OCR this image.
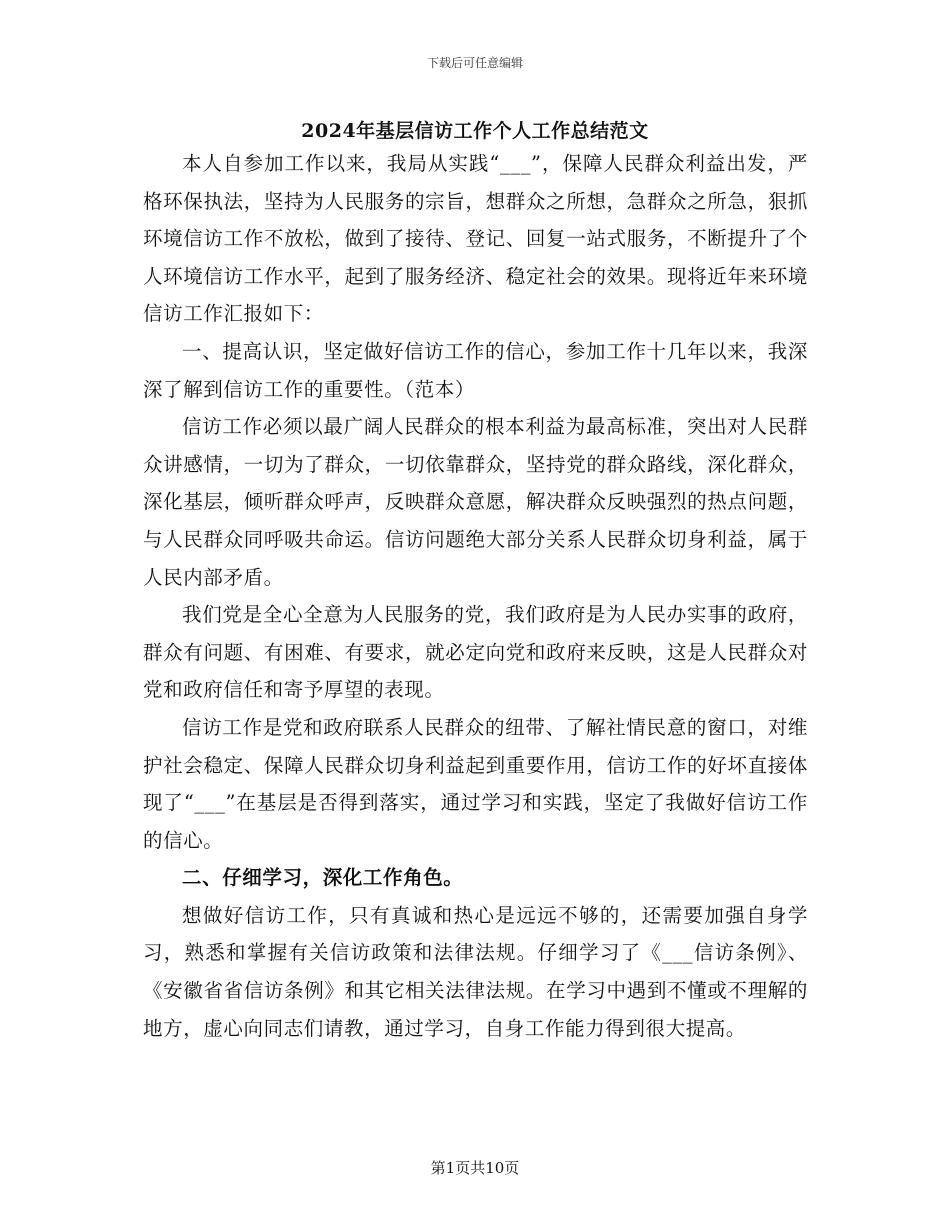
下载后可任意编辑
2024年基层信访工作个人工作总结范文

本人自参加工作以来，我局从实践“___”，保障人民群众利益出发，严格环保执法，坚持为人民服务的宗旨，想群众之所想，急群众之所急，狠抓环境信访工作不放松，做到了接待、登记、回复一站式服务，不断提升了个人环境信访工作水平，起到了服务经济、稳定社会的效果。现将近年来环境信访工作汇报如下：

一、提高认识，坚定做好信访工作的信心，参加工作十几年以来，我深深了解到信访工作的重要性。（范本）

信访工作必须以最广阔人民群众的根本利益为最高标准，突出对人民群众讲感情，一切为了群众，一切依靠群众，坚持党的群众路线，深化群众，深化基层，倾听群众呼声，反映群众意愿，解决群众反映强烈的热点问题，与人民群众同呼吸共命运。信访问题绝大部分关系人民群众切身利益，属于人民内部矛盾。

我们党是全心全意为人民服务的党，我们政府是为人民办实事的政府，群众有问题、有困难、有要求，就必定向党和政府来反映，这是人民群众对党和政府信任和寄予厚望的表现。

信访工作是党和政府联系人民群众的纽带、了解社情民意的窗口，对维护社会稳定、保障人民群众切身利益起到重要作用，信访工作的好坏直接体现了“___”在基层是否得到落实，通过学习和实践，坚定了我做好信访工作的信心。

二、仔细学习，深化工作角色。

想做好信访工作，只有真诚和热心是远远不够的，还需要加强自身学习，熟悉和掌握有关信访政策和法律法规。仔细学习了《___信访条例》、《安徽省省信访条例》和其它相关法律法规。在学习中遇到不懂或不理解的地方，虚心向同志们请教，通过学习，自身工作能力得到很大提高。

第1页共10页
